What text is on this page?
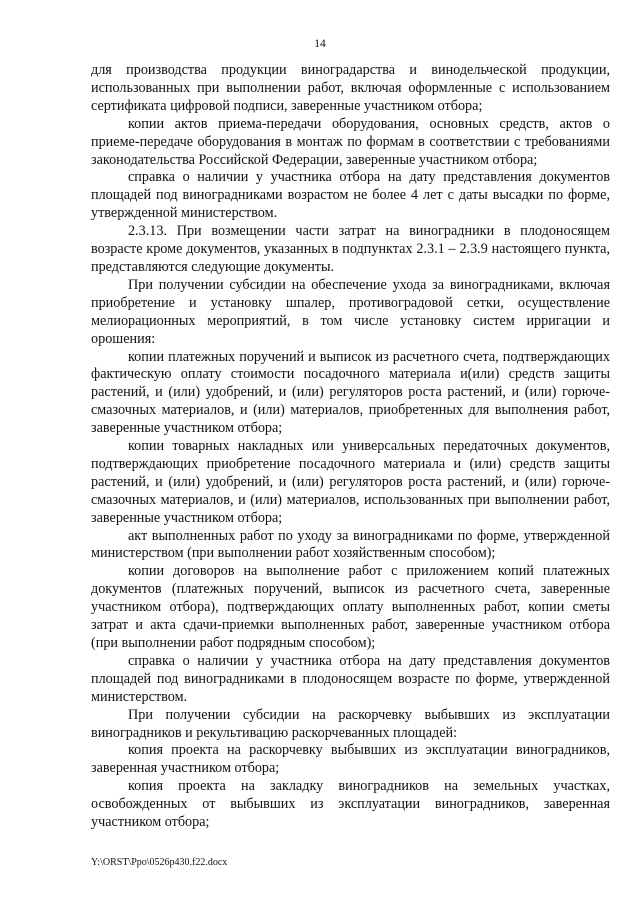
14

для производства продукции виноградарства и винодельческой продукции, использованных при выполнении работ, включая оформленные с использованием сертификата цифровой подписи, заверенные участником отбора;

копии актов приема-передачи оборудования, основных средств, актов о приеме-передаче оборудования в монтаж по формам в соответствии с требованиями законодательства Российской Федерации, заверенные участником отбора;

справка о наличии у участника отбора на дату представления документов площадей под виноградниками возрастом не более 4 лет с даты высадки по форме, утвержденной министерством.

2.3.13. При возмещении части затрат на виноградники в плодоносящем возрасте кроме документов, указанных в подпунктах 2.3.1 – 2.3.9 настоящего пункта, представляются следующие документы.

При получении субсидии на обеспечение ухода за виноградниками, включая приобретение и установку шпалер, противоградовой сетки, осуществление мелиорационных мероприятий, в том числе установку систем ирригации и орошения:

копии платежных поручений и выписок из расчетного счета, подтверждающих фактическую оплату стоимости посадочного материала и(или) средств защиты растений, и (или) удобрений, и (или) регуляторов роста растений, и (или) горюче-смазочных материалов, и (или) материалов, приобретенных для выполнения работ, заверенные участником отбора;

копии товарных накладных или универсальных передаточных документов, подтверждающих приобретение посадочного материала и (или) средств защиты растений, и (или) удобрений, и (или) регуляторов роста растений, и (или) горюче-смазочных материалов, и (или) материалов, использованных при выполнении работ, заверенные участником отбора;

акт выполненных работ по уходу за виноградниками по форме, утвержденной министерством (при выполнении работ хозяйственным способом);

копии договоров на выполнение работ с приложением копий платежных документов (платежных поручений, выписок из расчетного счета, заверенные участником отбора), подтверждающих оплату выполненных работ, копии сметы затрат и акта сдачи-приемки выполненных работ, заверенные участником отбора (при выполнении работ подрядным способом);

справка о наличии у участника отбора на дату представления документов площадей под виноградниками в плодоносящем возрасте по форме, утвержденной министерством.

При получении субсидии на раскорчевку выбывших из эксплуатации виноградников и рекультивацию раскорчеванных площадей:

копия проекта на раскорчевку выбывших из эксплуатации виноградников, заверенная участником отбора;

копия проекта на закладку виноградников на земельных участках, освобожденных от выбывших из эксплуатации виноградников, заверенная участником отбора;

Y:\ORST\Ppo\0526p430.f22.docx
